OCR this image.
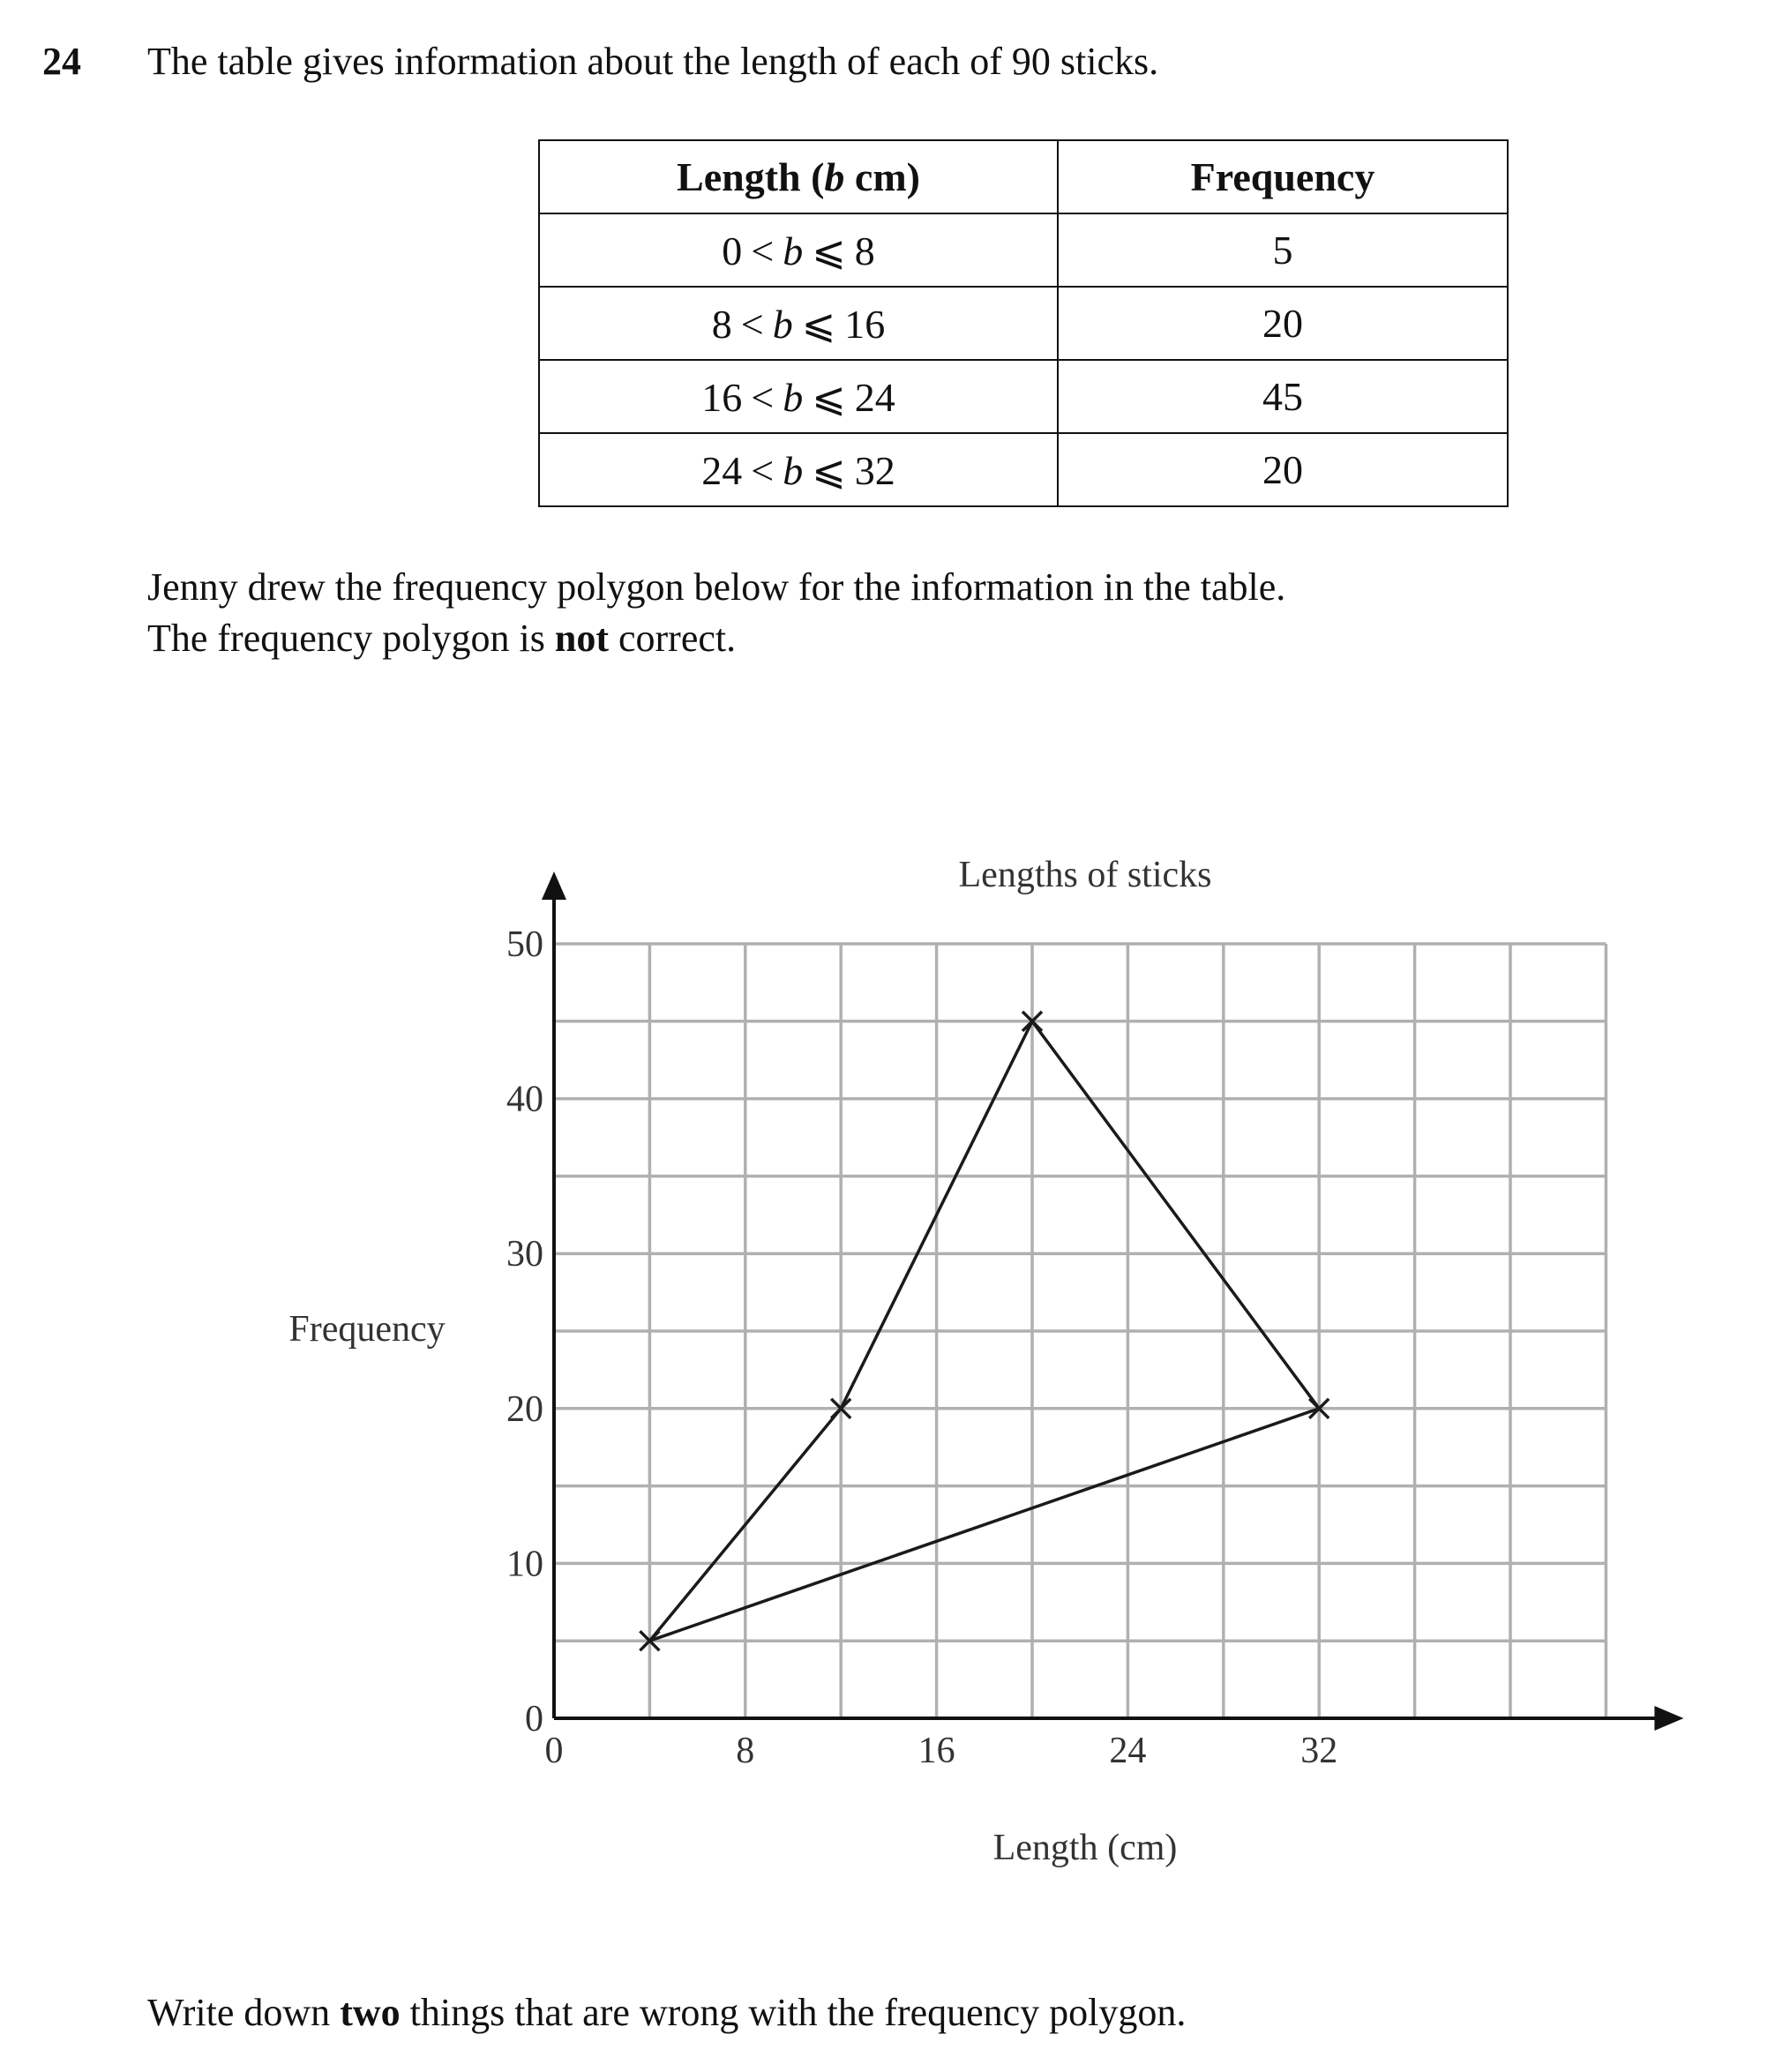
24 The table gives information about the length of each of 90 sticks.
Length (b cm)	Frequency
0 < b ⩽ 8	5
8 < b ⩽ 16	20
16 < b ⩽ 24	45
24 < b ⩽ 32	20
Jenny drew the frequency polygon below for the information in the table.
The frequency polygon is not correct.
0	8	16	24	32
0
10
20
30
40
50
Lengths of sticks
Length (cm)
Frequency
Write down two things that are wrong with the frequency polygon.
